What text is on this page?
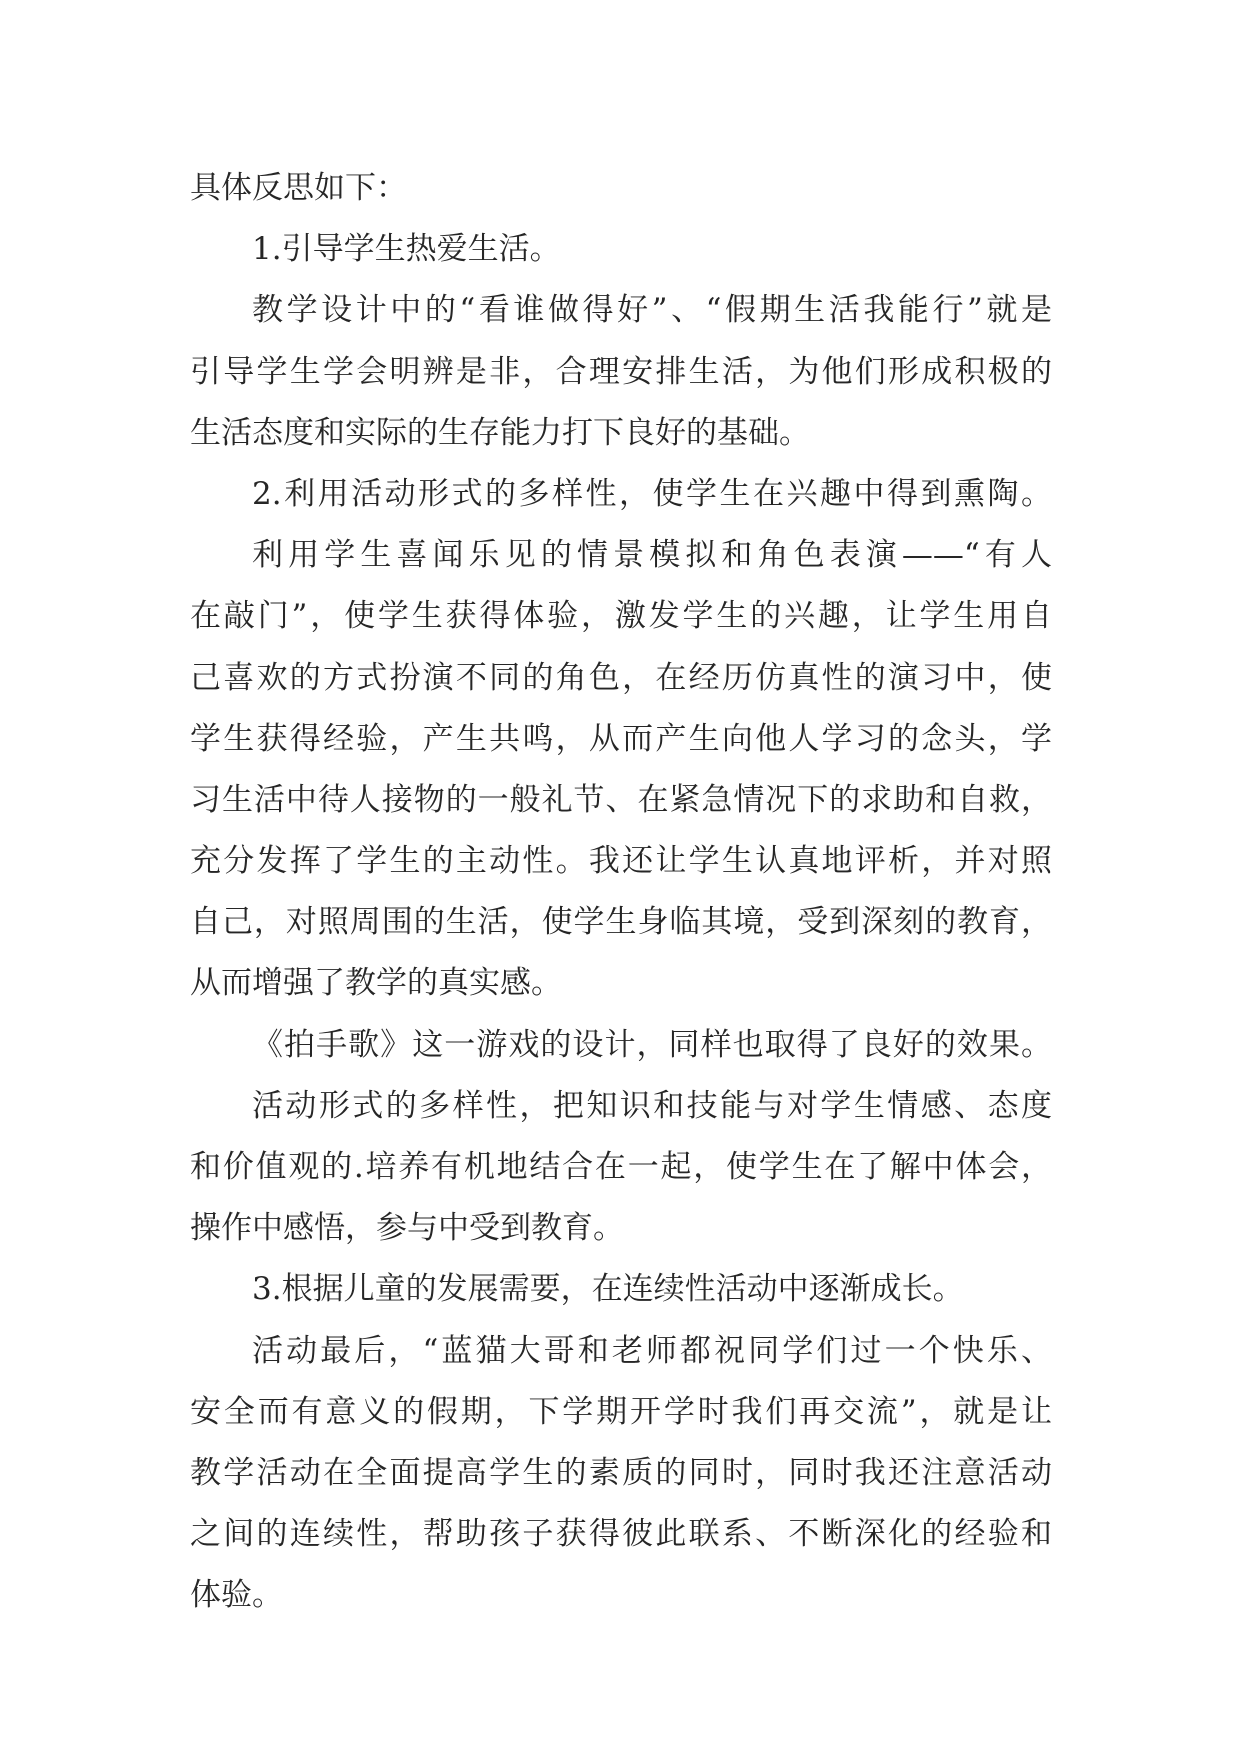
具体反思如下：
1.引导学生热爱生活。
教学设计中的“看谁做得好”、“假期生活我能行”就是
引导学生学会明辨是非，合理安排生活，为他们形成积极的
生活态度和实际的生存能力打下良好的基础。
2.利用活动形式的多样性，使学生在兴趣中得到熏陶。
利用学生喜闻乐见的情景模拟和角色表演——“有人
在敲门”，使学生获得体验，激发学生的兴趣，让学生用自
己喜欢的方式扮演不同的角色，在经历仿真性的演习中，使
学生获得经验，产生共鸣，从而产生向他人学习的念头，学
习生活中待人接物的一般礼节、在紧急情况下的求助和自救，
充分发挥了学生的主动性。我还让学生认真地评析，并对照
自己，对照周围的生活，使学生身临其境，受到深刻的教育，
从而增强了教学的真实感。
《拍手歌》这一游戏的设计，同样也取得了良好的效果。
活动形式的多样性，把知识和技能与对学生情感、态度
和价值观的.培养有机地结合在一起，使学生在了解中体会，
操作中感悟，参与中受到教育。
3.根据儿童的发展需要，在连续性活动中逐渐成长。
活动最后，“蓝猫大哥和老师都祝同学们过一个快乐、
安全而有意义的假期，下学期开学时我们再交流”，就是让
教学活动在全面提高学生的素质的同时，同时我还注意活动
之间的连续性，帮助孩子获得彼此联系、不断深化的经验和
体验。
